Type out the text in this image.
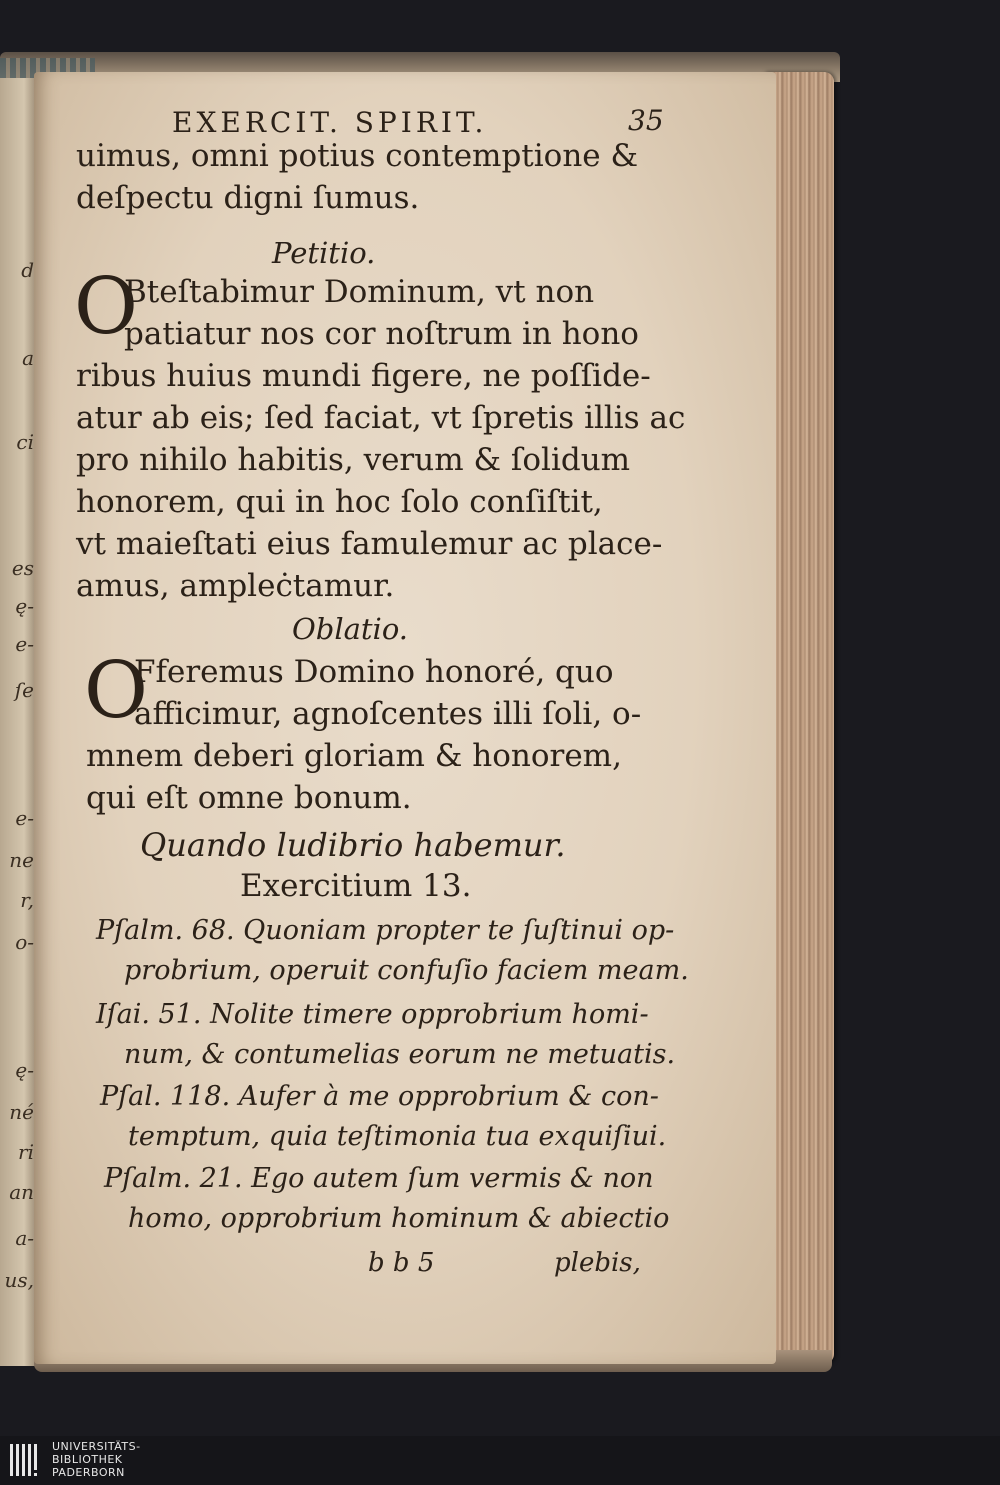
d
a
ci
es
ę-
e-
ſe
e-
ne
r,
o-
ę-
né
ri
an
a-
us,
EXERCIT. SPIRIT.	35
uimus, omni potius contemptione &
deſpectu digni ſumus.
Petitio.
O
Bteſtabimur Dominum, vt non
patiatur nos cor noſtrum in hono
ribus huius mundi figere, ne poſſide-
atur ab eis; ſed faciat, vt ſpretis illis ac
pro nihilo habitis, verum & ſolidum
honorem, qui in hoc ſolo conſiſtit,
vt maieſtati eius famulemur ac place-
amus, ampleċtamur.
Oblatio.
O
Fferemus Domino honoré, quo
afficimur, agnoſcentes illi ſoli, o-
mnem deberi gloriam & honorem,
qui eſt omne bonum.
Quando ludibrio habemur.
Exercitium 13.
Pſalm. 68. Quoniam propter te ſuſtinui op-
probrium, operuit confuſio faciem meam.
Iſai. 51. Nolite timere opprobrium homi-
num, & contumelias eorum ne metuatis.
Pſal. 118. Aufer à me opprobrium & con-
temptum, quia teſtimonia tua exquiſiui.
Pſalm. 21. Ego autem ſum vermis & non
homo, opprobrium hominum & abiectio
b b 5	plebis,
UNIVERSITÄTS-
BIBLIOTHEK
PADERBORN
